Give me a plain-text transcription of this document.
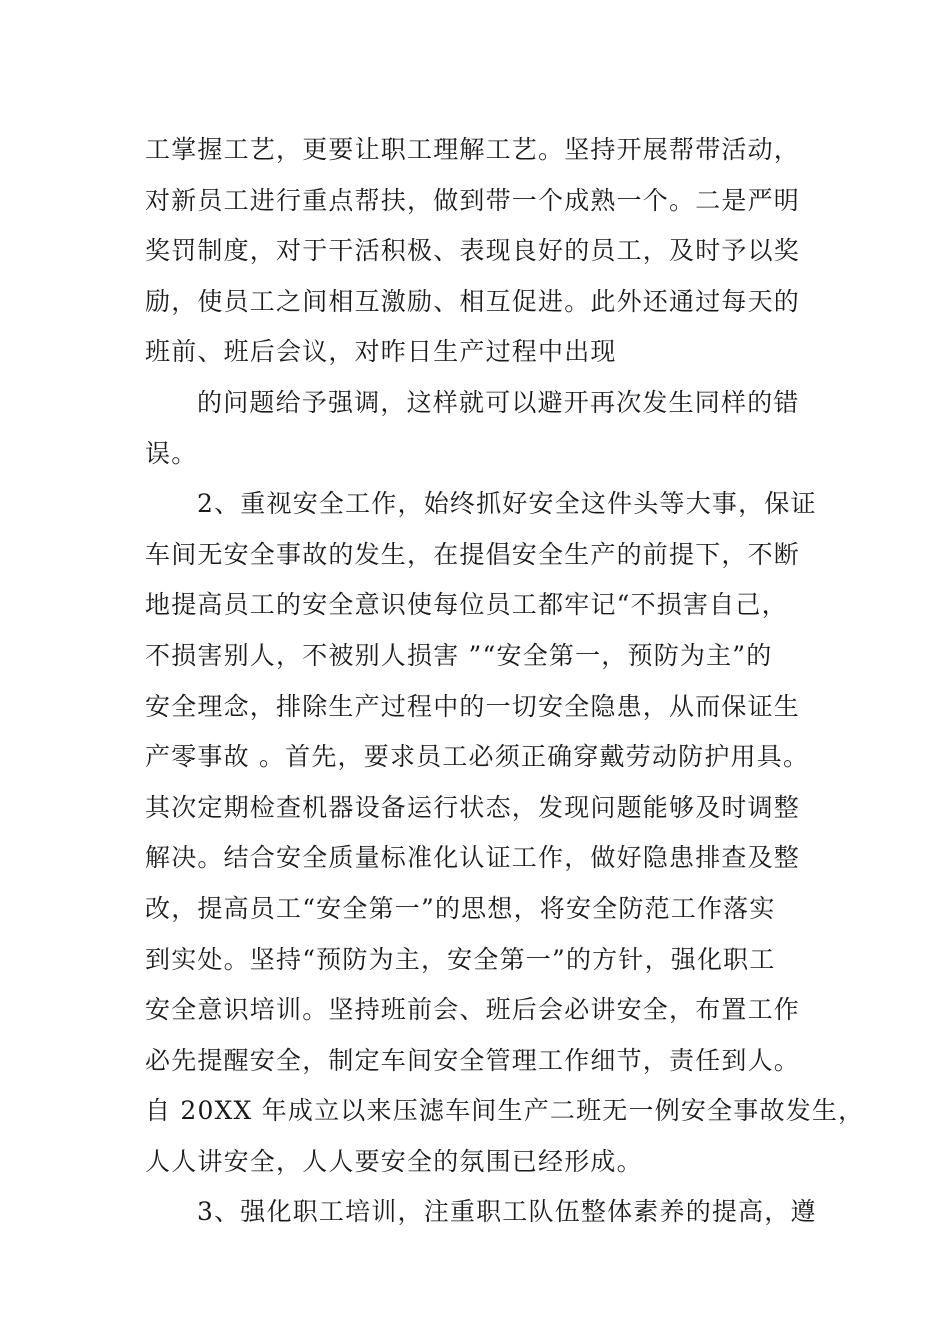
工掌握工艺，更要让职工理解工艺。坚持开展帮带活动，
对新员工进行重点帮扶，做到带一个成熟一个。二是严明
奖罚制度，对于干活积极、表现良好的员工，及时予以奖
励，使员工之间相互激励、相互促进。此外还通过每天的
班前、班后会议，对昨日生产过程中出现
的问题给予强调，这样就可以避开再次发生同样的错
误。
2、重视安全工作，始终抓好安全这件头等大事，保证
车间无安全事故的发生，在提倡安全生产的前提下，不断
地提高员工的安全意识使每位员工都牢记“不损害自己，
不损害别人，不被别人损害 ”“安全第一，预防为主”的
安全理念，排除生产过程中的一切安全隐患，从而保证生
产零事故 。首先，要求员工必须正确穿戴劳动防护用具。
其次定期检查机器设备运行状态，发现问题能够及时调整
解决。结合安全质量标准化认证工作，做好隐患排查及整
改，提高员工“安全第一”的思想，将安全防范工作落实
到实处。坚持“预防为主，安全第一”的方针，强化职工
安全意识培训。坚持班前会、班后会必讲安全，布置工作
必先提醒安全，制定车间安全管理工作细节，责任到人。
自 20XX 年成立以来压滤车间生产二班无一例安全事故发生，
人人讲安全，人人要安全的氛围已经形成。
3、强化职工培训，注重职工队伍整体素养的提高，遵
